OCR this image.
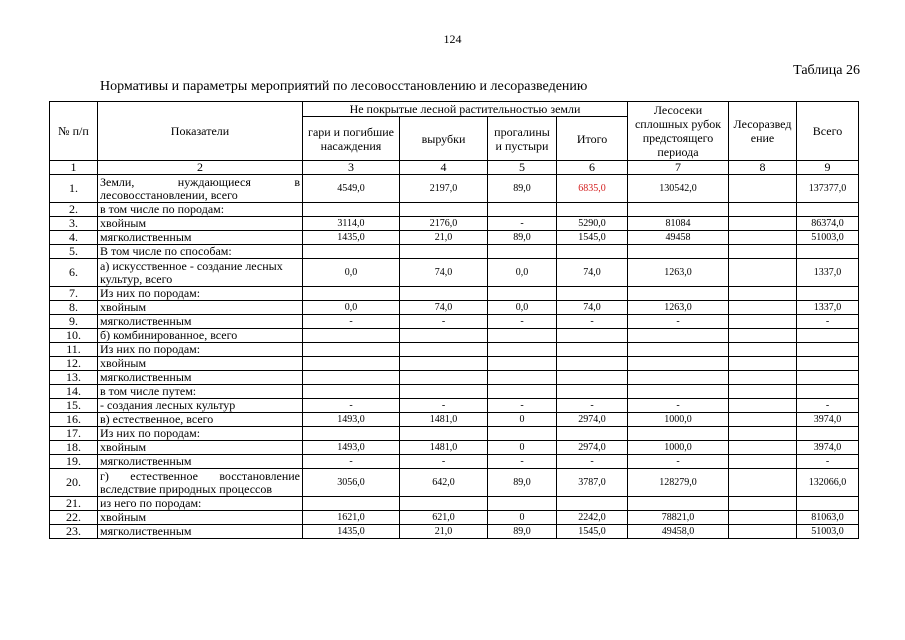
124
Таблица 26
Нормативы и параметры мероприятий по лесовосстановлению и лесоразведению
№ п/п	Показатели	Не покрытые лесной растительностью земли				Лесосеки сплошных рубок предстоящего периода	Лесоразведение	Всего
		гари и погибшие насаждения	вырубки	прогалины и пустыри	Итого			
1	2	3	4	5	6	7	8	9
1.	Земли, нуждающиеся в лесовосстановлении, всего	4549,0	2197,0	89,0	6835,0	130542,0		137377,0
2.	в том числе по породам:							
3.	хвойным	3114,0	2176,0	-	5290,0	81084		86374,0
4.	мягколиственным	1435,0	21,0	89,0	1545,0	49458		51003,0
5.	В том числе по способам:							
6.	а) искусственное - создание лесных культур, всего	0,0	74,0	0,0	74,0	1263,0		1337,0
7.	Из них по породам:							
8.	хвойным	0,0	74,0	0,0	74,0	1263,0		1337,0
9.	мягколиственным	-	-	-	-	-		-
10.	б) комбинированное, всего							
11.	Из них по породам:							
12.	хвойным							
13.	мягколиственным							
14.	в том числе путем:							
15.	- создания лесных культур	-	-	-	-	-		-
16.	в) естественное, всего	1493,0	1481,0	0	2974,0	1000,0		3974,0
17.	Из них по породам:							
18.	хвойным	1493,0	1481,0	0	2974,0	1000,0		3974,0
19.	мягколиственным	-	-	-	-	-		-
20.	г) естественное восстановление вследствие природных процессов	3056,0	642,0	89,0	3787,0	128279,0		132066,0
21.	из него по породам:							
22.	хвойным	1621,0	621,0	0	2242,0	78821,0		81063,0
23.	мягколиственным	1435,0	21,0	89,0	1545,0	49458,0		51003,0
